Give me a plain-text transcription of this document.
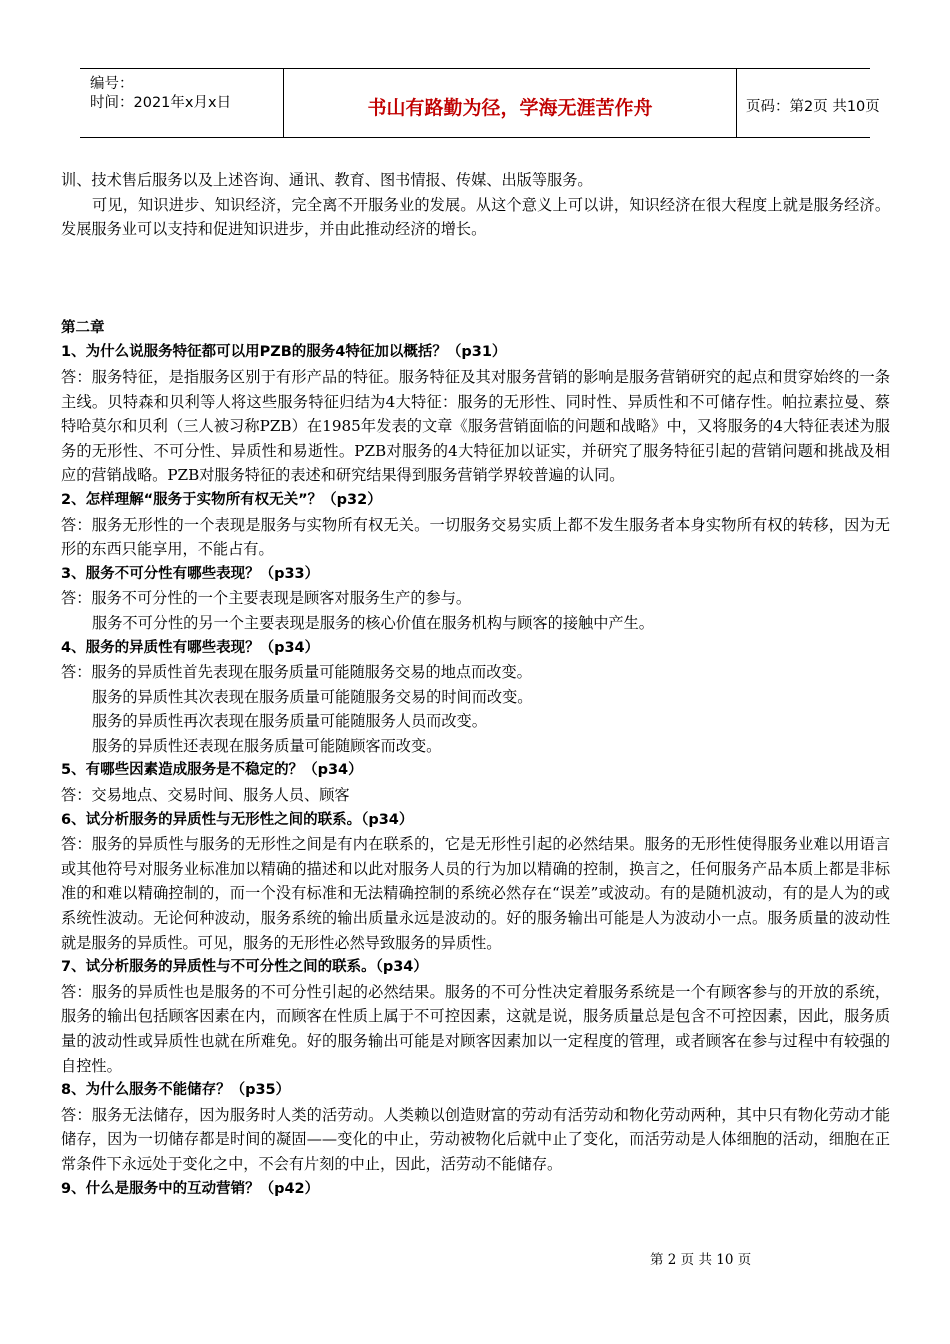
编号：
时间：2021年x月x日	书山有路勤为径，学海无涯苦作舟	页码：第2页 共10页

训、技术售后服务以及上述咨询、通讯、教育、图书情报、传媒、出版等服务。

可见，知识进步、知识经济，完全离不开服务业的发展。从这个意义上可以讲，知识经济在很大程度上就是服务经济。发展服务业可以支持和促进知识进步，并由此推动经济的增长。

第二章

1、为什么说服务特征都可以用PZB的服务4特征加以概括？（p31）

答：服务特征，是指服务区别于有形产品的特征。服务特征及其对服务营销的影响是服务营销研究的起点和贯穿始终的一条主线。贝特森和贝利等人将这些服务特征归结为4大特征：服务的无形性、同时性、异质性和不可储存性。帕拉素拉曼、蔡特哈莫尔和贝利（三人被习称PZB）在1985年发表的文章《服务营销面临的问题和战略》中，又将服务的4大特征表述为服务的无形性、不可分性、异质性和易逝性。PZB对服务的4大特征加以证实，并研究了服务特征引起的营销问题和挑战及相应的营销战略。PZB对服务特征的表述和研究结果得到服务营销学界较普遍的认同。

2、怎样理解“服务于实物所有权无关”？（p32）

答：服务无形性的一个表现是服务与实物所有权无关。一切服务交易实质上都不发生服务者本身实物所有权的转移，因为无形的东西只能享用，不能占有。

3、服务不可分性有哪些表现？（p33）

答：服务不可分性的一个主要表现是顾客对服务生产的参与。

服务不可分性的另一个主要表现是服务的核心价值在服务机构与顾客的接触中产生。

4、服务的异质性有哪些表现？（p34）

答：服务的异质性首先表现在服务质量可能随服务交易的地点而改变。

服务的异质性其次表现在服务质量可能随服务交易的时间而改变。

服务的异质性再次表现在服务质量可能随服务人员而改变。

服务的异质性还表现在服务质量可能随顾客而改变。

5、有哪些因素造成服务是不稳定的？（p34）

答：交易地点、交易时间、服务人员、顾客

6、试分析服务的异质性与无形性之间的联系。（p34）

答：服务的异质性与服务的无形性之间是有内在联系的，它是无形性引起的必然结果。服务的无形性使得服务业难以用语言或其他符号对服务业标准加以精确的描述和以此对服务人员的行为加以精确的控制，换言之，任何服务产品本质上都是非标准的和难以精确控制的，而一个没有标准和无法精确控制的系统必然存在“误差”或波动。有的是随机波动，有的是人为的或系统性波动。无论何种波动，服务系统的输出质量永远是波动的。好的服务输出可能是人为波动小一点。服务质量的波动性就是服务的异质性。可见，服务的无形性必然导致服务的异质性。

7、试分析服务的异质性与不可分性之间的联系。（p34）

答：服务的异质性也是服务的不可分性引起的必然结果。服务的不可分性决定着服务系统是一个有顾客参与的开放的系统，服务的输出包括顾客因素在内，而顾客在性质上属于不可控因素，这就是说，服务质量总是包含不可控因素，因此，服务质量的波动性或异质性也就在所难免。好的服务输出可能是对顾客因素加以一定程度的管理，或者顾客在参与过程中有较强的自控性。

8、为什么服务不能储存？（p35）

答：服务无法储存，因为服务时人类的活劳动。人类赖以创造财富的劳动有活劳动和物化劳动两种，其中只有物化劳动才能储存，因为一切储存都是时间的凝固——变化的中止，劳动被物化后就中止了变化，而活劳动是人体细胞的活动，细胞在正常条件下永远处于变化之中，不会有片刻的中止，因此，活劳动不能储存。

9、什么是服务中的互动营销？（p42）

第 2 页 共 10 页
